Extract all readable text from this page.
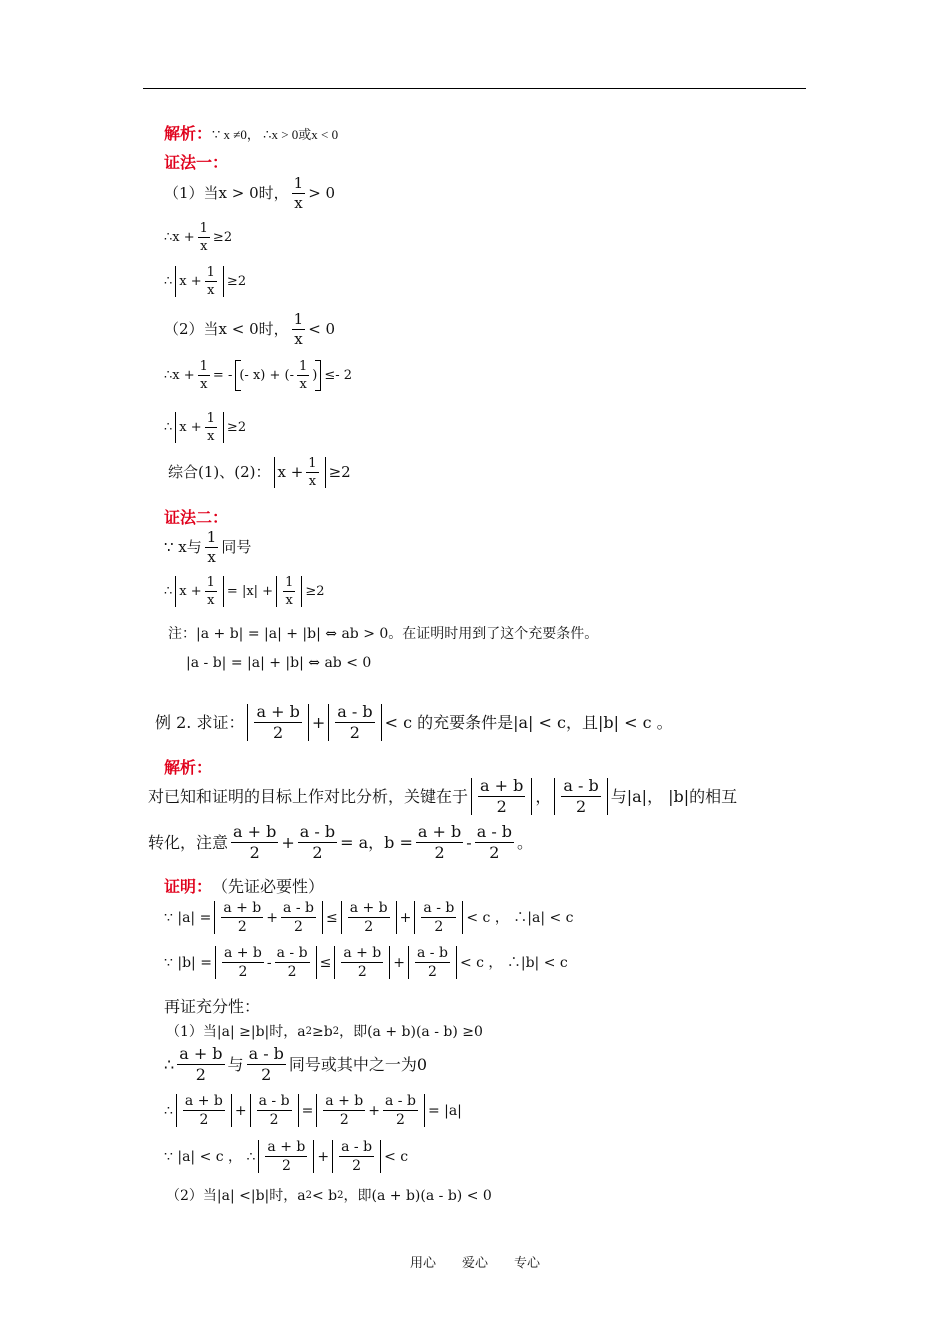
解析： ∵ x ≠0， ∴x > 0或x < 0
证法一：
（1）当x > 0时， $\frac{1}{x} > 0$
∴x + $\frac{1}{x} \ge 2$
∴ $x + \frac{1}{x} \ge 2$
（2）当x < 0时， $\frac{1}{x} < 0$
∴x + $\frac{1}{x}$ = - (- x) + (- $\frac{1}{x}$ ) ≤- 2
∴ $x + \frac{1}{x} \ge 2$
综合(1)、(2)： $x + \frac{1}{x} \ge 2$
证法二：
∵ x与 $\frac{1}{x}$ 同号
∴ $x + \frac{1}{x} = |x| + \frac{1}{x} \ge 2$
注：|a + b| = |a| + |b| ⇔ ab > 0。在证明时用到了这个充要条件。
|a - b| = |a| + |b| ⇔ ab < 0
例 2. 求证： $\frac{a + b}{2} + \frac{a - b}{2} < c$ 的充要条件是|a| < c，且|b| < c 。
解析：
对已知和证明的目标上作对比分析，关键在于 $\frac{a + b}{2}$ ， $\frac{a - b}{2}$ 与|a|， |b|的相互
转化，注意 $\frac{a + b}{2} + \frac{a - b}{2} = a$，$b = \frac{a + b}{2} - \frac{a - b}{2}$ 。
证明： （先证必要性）
∵ $|a| = \frac{a + b}{2} + \frac{a - b}{2} \le \frac{a + b}{2} + \frac{a - b}{2} < c$ ， ∴|a| < c
∵ $|b| = \frac{a + b}{2} - \frac{a - b}{2} \le \frac{a + b}{2} + \frac{a - b}{2} < c$ ， ∴|b| < c
再证充分性：
（1）当|a| ≥|b|时，a 2 ≥b 2 ，即(a + b)(a - b) ≥0
∴ $\frac{a + b}{2}$ 与 $\frac{a - b}{2}$ 同号或其中之一为0
∴ $\frac{a + b}{2} + \frac{a - b}{2} = \frac{a + b}{2} + \frac{a - b}{2} = |a|$
∵ |a| < c ， ∴ $\frac{a + b}{2} + \frac{a - b}{2} < c$
（2）当|a| <|b|时，a 2 < b 2 ，即(a + b)(a - b) < 0
用心　　爱心　　专心
